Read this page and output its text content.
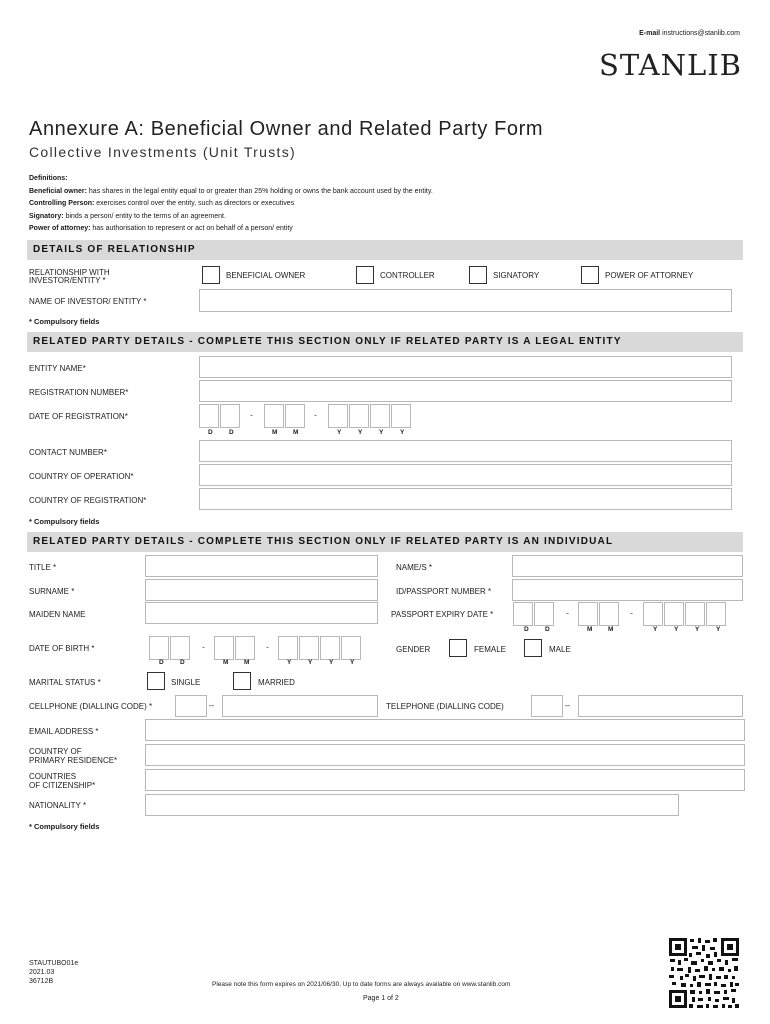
E-mail instructions@stanlib.com
STANLIB
Annexure A: Beneficial Owner and Related Party Form
Collective Investments (Unit Trusts)
Definitions:
Beneficial owner: has shares in the legal entity equal to or greater than 25% holding or owns the bank account used by the entity.
Controlling Person: exercises control over the entity, such as directors or executives
Signatory: binds a person/ entity to the terms of an agreement.
Power of attorney: has authorisation to represent or act on behalf of a person/ entity
DETAILS OF RELATIONSHIP
RELATIONSHIP WITH
INVESTOR/ENTITY *
BENEFICIAL OWNER	CONTROLLER	SIGNATORY	POWER OF ATTORNEY
NAME OF INVESTOR/ ENTITY *
* Compulsory fields
RELATED PARTY DETAILS - COMPLETE THIS SECTION ONLY IF RELATED PARTY IS A LEGAL ENTITY
ENTITY NAME*
REGISTRATION NUMBER*
DATE OF REGISTRATION*	-	-
D	D	M M	Y	Y	Y	Y
CONTACT NUMBER*
COUNTRY OF OPERATION*
COUNTRY OF REGISTRATION*
* Compulsory fields
RELATED PARTY DETAILS - COMPLETE THIS SECTION ONLY IF RELATED PARTY IS AN INDIVIDUAL
TITLE *	NAME/S *
SURNAME *	ID/PASSPORT NUMBER *
MAIDEN NAME	PASSPORT EXPIRY DATE *	-	-
D	D	M M	Y	Y	Y	Y
DATE OF BIRTH *	-	-
D	D	M M	Y	Y	Y	Y
GENDER	FEMALE	MALE
MARITAL STATUS *	SINGLE	MARRIED
CELLPHONE (DIALLING CODE) *	–	TELEPHONE (DIALLING CODE)	–
EMAIL ADDRESS *
COUNTRY OF
PRIMARY RESIDENCE*
COUNTRIES
OF CITIZENSHIP*
NATIONALITY *
* Compulsory fields
STAUTUBO01e
2021.03
36712B	Please note this form expires on 2021/06/30. Up to date forms are always available on www.stanlib.com
Page 1 of 2
